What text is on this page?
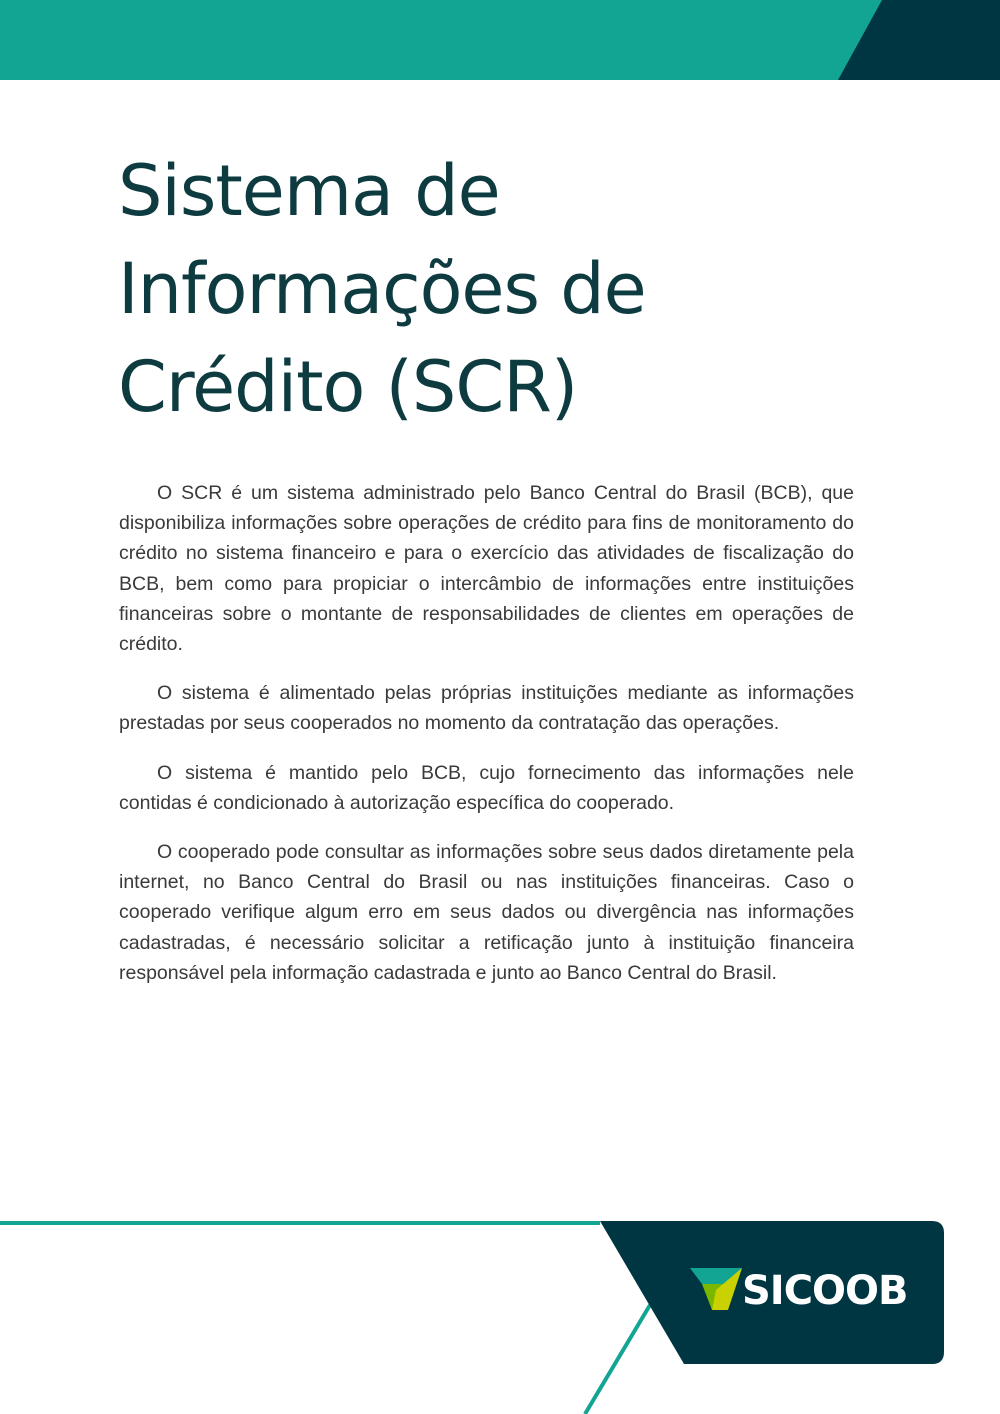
Sistema de
Informações de
Crédito (SCR)

O SCR é um sistema administrado pelo Banco Central do Brasil (BCB), que disponibiliza informações sobre operações de crédito para fins de monitoramento do crédito no sistema financeiro e para o exercício das atividades de fiscalização do BCB, bem como para propiciar o intercâmbio de informações entre instituições financeiras sobre o montante de responsabilidades de clientes em operações de crédito.

O sistema é alimentado pelas próprias instituições mediante as informações prestadas por seus cooperados no momento da contratação das operações.

O sistema é mantido pelo BCB, cujo fornecimento das informações nele contidas é condicionado à autorização específica do cooperado.

O cooperado pode consultar as informações sobre seus dados diretamente pela internet, no Banco Central do Brasil ou nas instituições financeiras. Caso o cooperado verifique algum erro em seus dados ou divergência nas informações cadastradas, é necessário solicitar a retificação junto à instituição financeira responsável pela informação cadastrada e junto ao Banco Central do Brasil.

SICOOB
